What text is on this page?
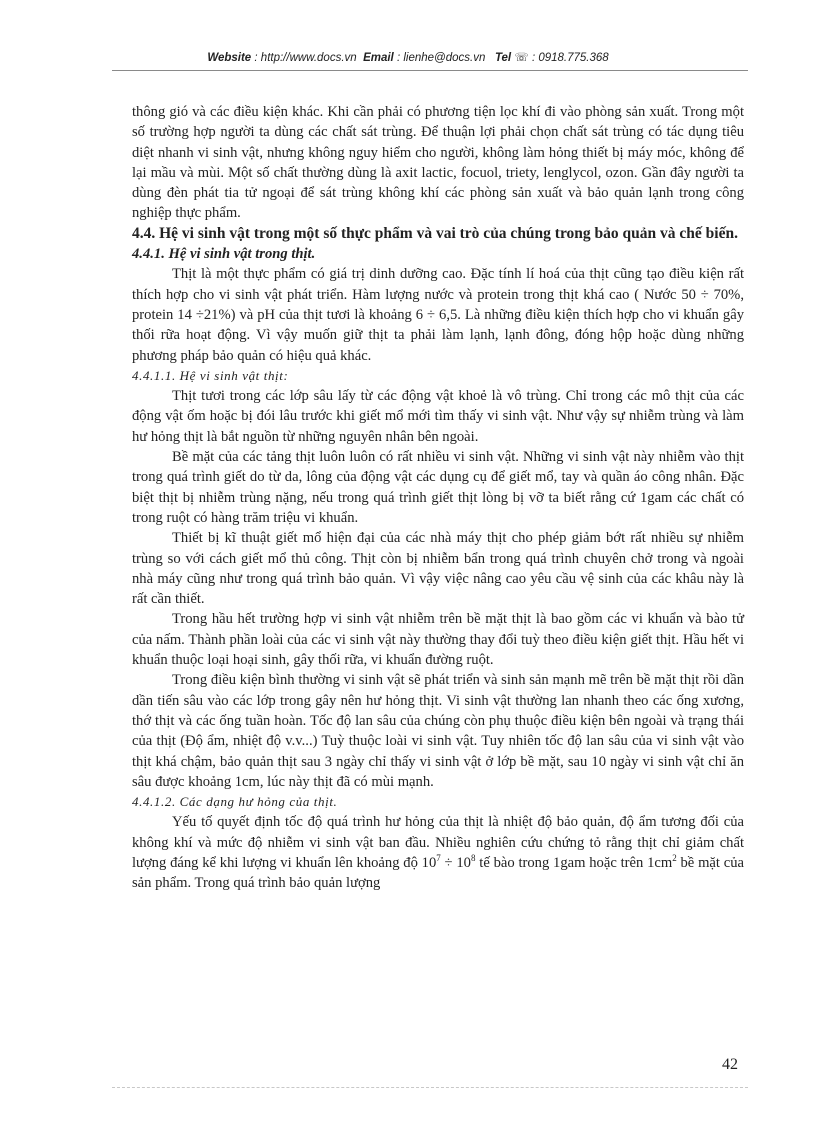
Website : http://www.docs.vn Email : lienhe@docs.vn Tel ☏ : 0918.775.368

thông gió và các điều kiện khác. Khi cần phải có phương tiện lọc khí đi vào phòng sản xuất. Trong một số trường hợp người ta dùng các chất sát trùng. Để thuận lợi phải chọn chất sát trùng có tác dụng tiêu diệt nhanh vi sinh vật, nhưng không nguy hiểm cho người, không làm hỏng thiết bị máy móc, không để lại mầu và mùi. Một số chất thường dùng là axit lactic, focuol, triety, lenglycol, ozon. Gần đây người ta dùng đèn phát tia tử ngoại để sát trùng không khí các phòng sản xuất và bảo quản lạnh trong công nghiệp thực phẩm.

4.4. Hệ vi sinh vật trong một số thực phẩm và vai trò của chúng trong bảo quản và chế biến.

4.4.1. Hệ vi sinh vật trong thịt.

Thịt là một thực phẩm có giá trị dinh dưỡng cao. Đặc tính lí hoá của thịt cũng tạo điều kiện rất thích hợp cho vi sinh vật phát triển. Hàm lượng nước và protein trong thịt khá cao ( Nước 50 ÷ 70%, protein 14 ÷21%) và pH của thịt tươi là khoảng 6 ÷ 6,5. Là những điều kiện thích hợp cho vi khuẩn gây thối rữa hoạt động. Vì vậy muốn giữ thịt ta phải làm lạnh, lạnh đông, đóng hộp hoặc dùng những phương pháp bảo quản có hiệu quả khác.

4.4.1.1. Hệ vi sinh vật thịt:

Thịt tươi trong các lớp sâu lấy từ các động vật khoẻ là vô trùng. Chỉ trong các mô thịt của các động vật ốm hoặc bị đói lâu trước khi giết mổ mới tìm thấy vi sinh vật. Như vậy sự nhiễm trùng và làm hư hỏng thịt là bắt nguồn từ những nguyên nhân bên ngoài.

Bề mặt của các tảng thịt luôn luôn có rất nhiều vi sinh vật. Những vi sinh vật này nhiễm vào thịt trong quá trình giết do từ da, lông của động vật các dụng cụ để giết mổ, tay và quần áo công nhân. Đặc biệt thịt bị nhiễm trùng nặng, nếu trong quá trình giết thịt lòng bị vỡ ta biết rằng cứ 1gam các chất có trong ruột có hàng trăm triệu vi khuẩn.

Thiết bị kĩ thuật giết mổ hiện đại của các nhà máy thịt cho phép giảm bớt rất nhiều sự nhiễm trùng so với cách giết mổ thủ công. Thịt còn bị nhiễm bẩn trong quá trình chuyên chở trong và ngoài nhà máy cũng như trong quá trình bảo quản. Vì vậy việc nâng cao yêu cầu vệ sinh của các khâu này là rất cần thiết.

Trong hầu hết trường hợp vi sinh vật nhiễm trên bề mặt thịt là bao gồm các vi khuẩn và bào tử của nấm. Thành phần loài của các vi sinh vật này thường thay đổi tuỳ theo điều kiện giết thịt. Hầu hết vi khuẩn thuộc loại hoại sinh, gây thối rữa, vi khuẩn đường ruột.

Trong điều kiện bình thường vi sinh vật sẽ phát triển và sinh sản mạnh mẽ trên bề mặt thịt rồi dần dần tiến sâu vào các lớp trong gây nên hư hỏng thịt. Vi sinh vật thường lan nhanh theo các ống xương, thớ thịt và các ống tuần hoàn. Tốc độ lan sâu của chúng còn phụ thuộc điều kiện bên ngoài và trạng thái của thịt (Độ ẩm, nhiệt độ v.v...) Tuỳ thuộc loài vi sinh vật. Tuy nhiên tốc độ lan sâu của vi sinh vật vào thịt khá chậm, bảo quản thịt sau 3 ngày chỉ thấy vi sinh vật ở lớp bề mặt, sau 10 ngày vi sinh vật chỉ ăn sâu được khoảng 1cm, lúc này thịt đã có mùi mạnh.

4.4.1.2. Các dạng hư hỏng của thịt.

Yếu tố quyết định tốc độ quá trình hư hỏng của thịt là nhiệt độ bảo quản, độ ẩm tương đối của không khí và mức độ nhiễm vi sinh vật ban đầu. Nhiều nghiên cứu chứng tỏ rằng thịt chỉ giảm chất lượng đáng kể khi lượng vi khuẩn lên khoảng độ $10^7 \div 10^8$ tế bào trong 1gam hoặc trên $1cm^2$ bề mặt của sản phẩm. Trong quá trình bảo quản lượng

42
